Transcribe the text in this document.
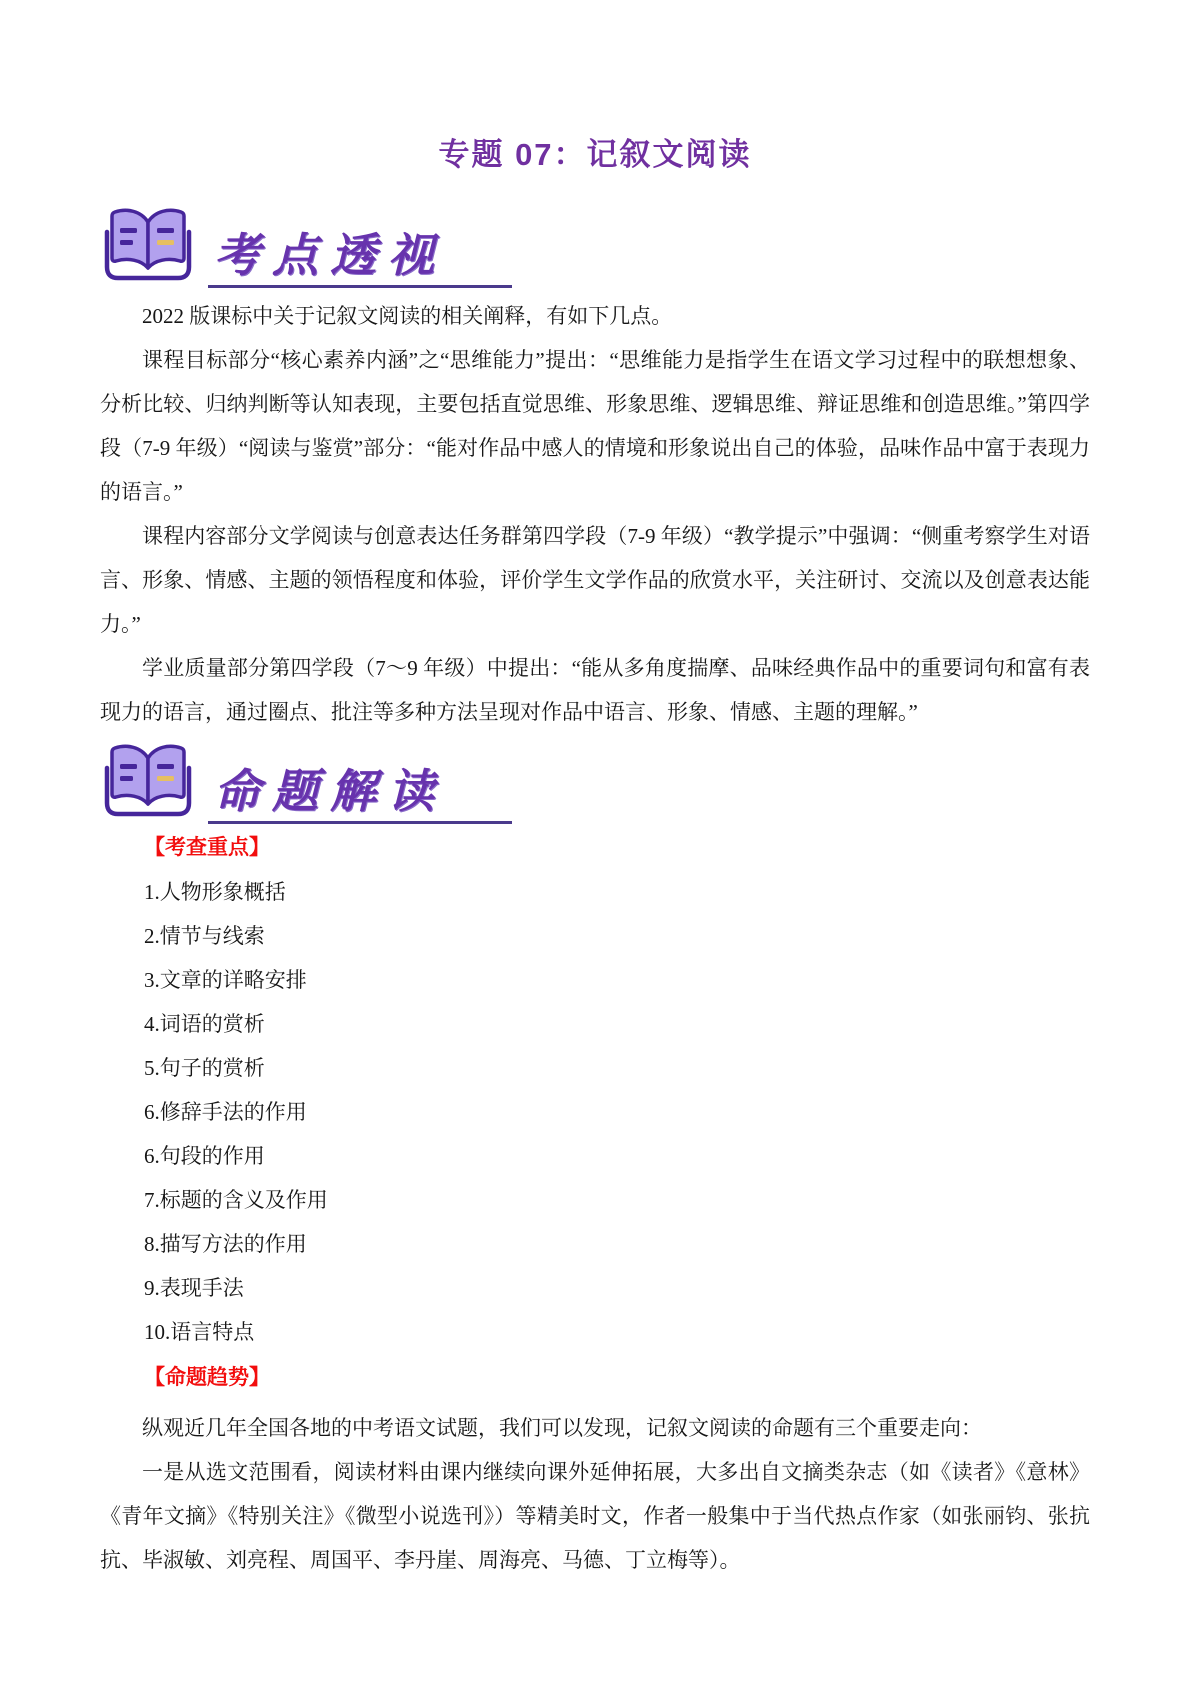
专题 07：记叙文阅读
考点透视

2022 版课标中关于记叙文阅读的相关阐释，有如下几点。

课程目标部分“核心素养内涵”之“思维能力”提出：“思维能力是指学生在语文学习过程中的联想想象、分析比较、归纳判断等认知表现，主要包括直觉思维、形象思维、逻辑思维、辩证思维和创造思维。”第四学段（7-9 年级）“阅读与鉴赏”部分：“能对作品中感人的情境和形象说出自己的体验，品味作品中富于表现力的语言。”

课程内容部分文学阅读与创意表达任务群第四学段（7-9 年级）“教学提示”中强调：“侧重考察学生对语言、形象、情感、主题的领悟程度和体验，评价学生文学作品的欣赏水平，关注研讨、交流以及创意表达能力。”

学业质量部分第四学段（7～9 年级）中提出：“能从多角度揣摩、品味经典作品中的重要词句和富有表现力的语言，通过圈点、批注等多种方法呈现对作品中语言、形象、情感、主题的理解。”

命题解读
【考查重点】
1.人物形象概括
2.情节与线索
3.文章的详略安排
4.词语的赏析
5.句子的赏析
6.修辞手法的作用
6.句段的作用
7.标题的含义及作用
8.描写方法的作用
9.表现手法
10.语言特点
【命题趋势】

纵观近几年全国各地的中考语文试题，我们可以发现，记叙文阅读的命题有三个重要走向：

一是从选文范围看，阅读材料由课内继续向课外延伸拓展，大多出自文摘类杂志（如《读者》《意林》《青年文摘》《特别关注》《微型小说选刊》）等精美时文，作者一般集中于当代热点作家（如张丽钧、张抗抗、毕淑敏、刘亮程、周国平、李丹崖、周海亮、马德、丁立梅等）。
